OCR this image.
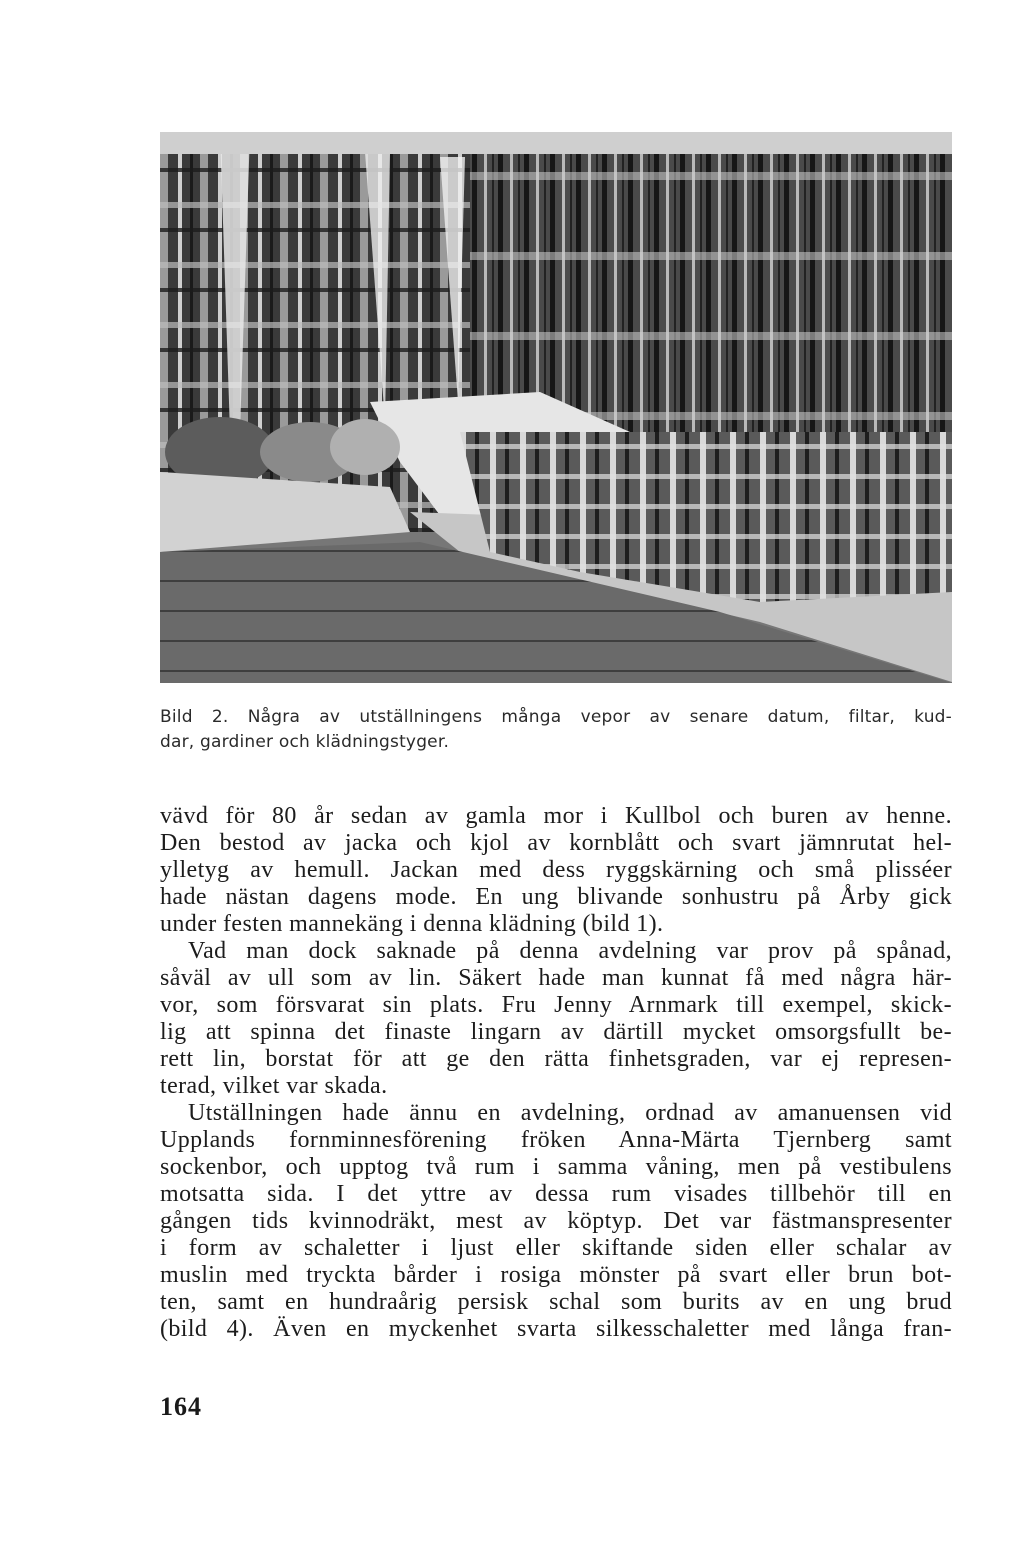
Bild 2. Några av utställningens många vepor av senare datum, filtar, kud-
dar, gardiner och klädningstyger.
vävd för 80 år sedan av gamla mor i Kullbol och buren av henne.
Den bestod av jacka och kjol av kornblått och svart jämnrutat hel-
ylletyg av hemull. Jackan med dess ryggskärning och små plisséer
hade nästan dagens mode. En ung blivande sonhustru på Årby gick
under festen mannekäng i denna klädning (bild 1).
Vad man dock saknade på denna avdelning var prov på spånad,
såväl av ull som av lin. Säkert hade man kunnat få med några här-
vor, som försvarat sin plats. Fru Jenny Arnmark till exempel, skick-
lig att spinna det finaste lingarn av därtill mycket omsorgsfullt be-
rett lin, borstat för att ge den rätta finhetsgraden, var ej represen-
terad, vilket var skada.
Utställningen hade ännu en avdelning, ordnad av amanuensen vid
Upplands fornminnesförening fröken Anna-Märta Tjernberg samt
sockenbor, och upptog två rum i samma våning, men på vestibulens
motsatta sida. I det yttre av dessa rum visades tillbehör till en
gången tids kvinnodräkt, mest av köptyp. Det var fästmanspresenter
i form av schaletter i ljust eller skiftande siden eller schalar av
muslin med tryckta bårder i rosiga mönster på svart eller brun bot-
ten, samt en hundraårig persisk schal som burits av en ung brud
(bild 4). Även en myckenhet svarta silkesschaletter med långa fran-
164
